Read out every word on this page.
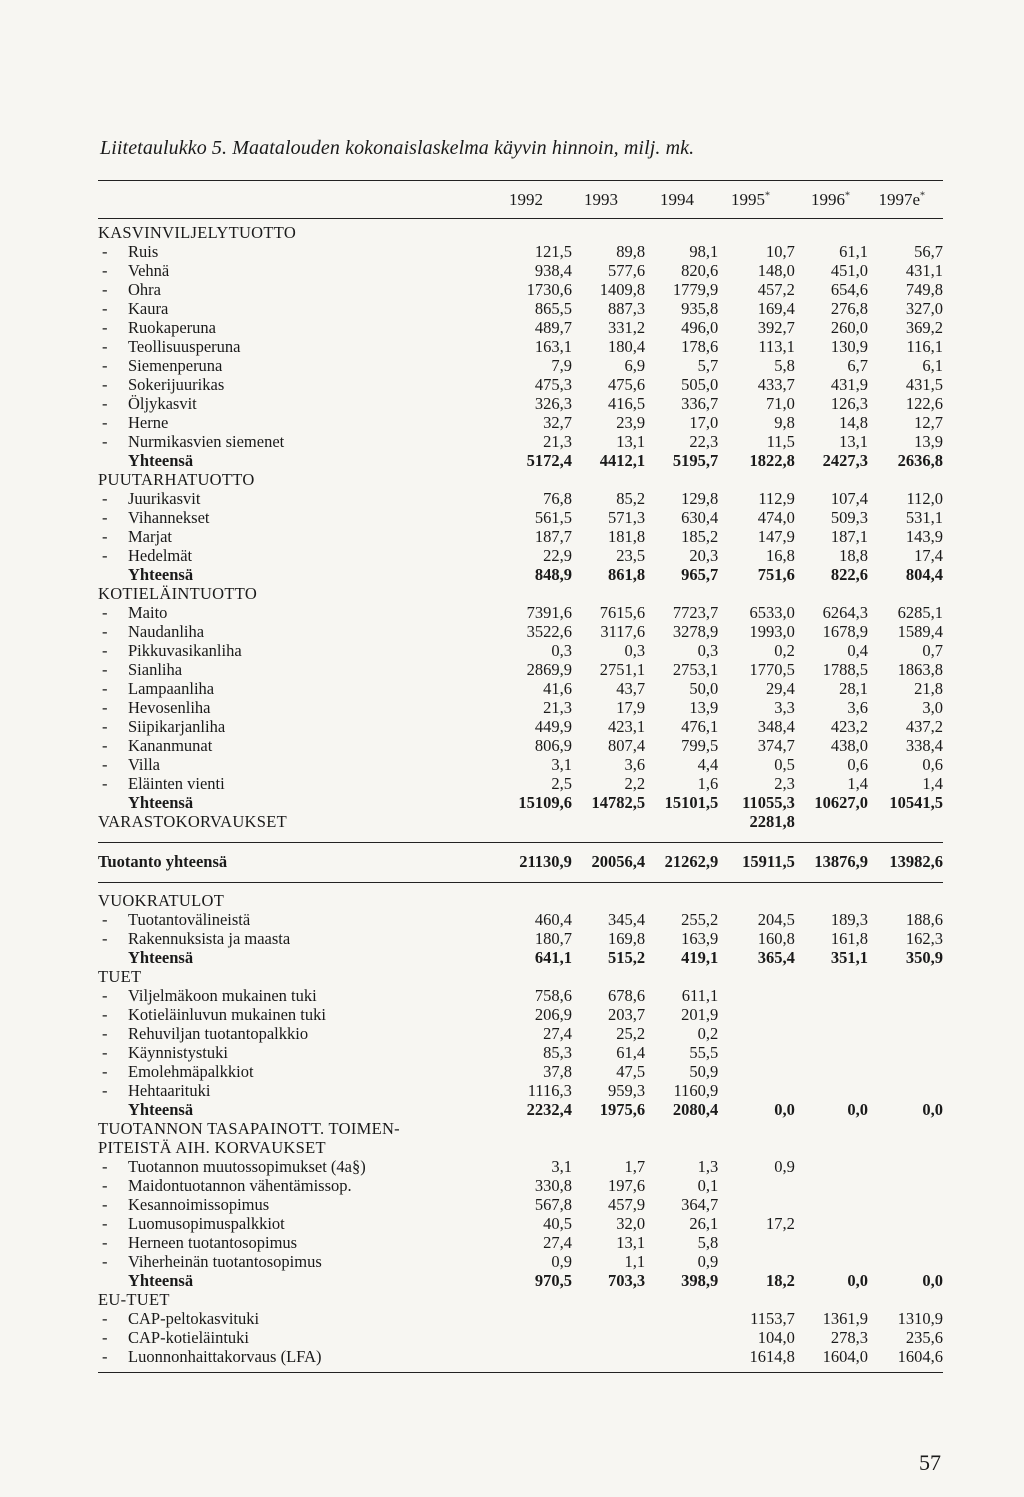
Liitetaulukko 5. Maatalouden kokonaislaskelma käyvin hinnoin, milj. mk.
1992	1993	1994	1995*	1996*	1997e*
KASVINVILJELYTUOTTO						
- Ruis	121,5	89,8	98,1	10,7	61,1	56,7
- Vehnä	938,4	577,6	820,6	148,0	451,0	431,1
- Ohra	1730,6	1409,8	1779,9	457,2	654,6	749,8
- Kaura	865,5	887,3	935,8	169,4	276,8	327,0
- Ruokaperuna	489,7	331,2	496,0	392,7	260,0	369,2
- Teollisuusperuna	163,1	180,4	178,6	113,1	130,9	116,1
- Siemenperuna	7,9	6,9	5,7	5,8	6,7	6,1
- Sokerijuurikas	475,3	475,6	505,0	433,7	431,9	431,5
- Öljykasvit	326,3	416,5	336,7	71,0	126,3	122,6
- Herne	32,7	23,9	17,0	9,8	14,8	12,7
- Nurmikasvien siemenet	21,3	13,1	22,3	11,5	13,1	13,9
Yhteensä	5172,4	4412,1	5195,7	1822,8	2427,3	2636,8
PUUTARHATUOTTO						
- Juurikasvit	76,8	85,2	129,8	112,9	107,4	112,0
- Vihannekset	561,5	571,3	630,4	474,0	509,3	531,1
- Marjat	187,7	181,8	185,2	147,9	187,1	143,9
- Hedelmät	22,9	23,5	20,3	16,8	18,8	17,4
Yhteensä	848,9	861,8	965,7	751,6	822,6	804,4
KOTIELÄINTUOTTO						
- Maito	7391,6	7615,6	7723,7	6533,0	6264,3	6285,1
- Naudanliha	3522,6	3117,6	3278,9	1993,0	1678,9	1589,4
- Pikkuvasikanliha	0,3	0,3	0,3	0,2	0,4	0,7
- Sianliha	2869,9	2751,1	2753,1	1770,5	1788,5	1863,8
- Lampaanliha	41,6	43,7	50,0	29,4	28,1	21,8
- Hevosenliha	21,3	17,9	13,9	3,3	3,6	3,0
- Siipikarjanliha	449,9	423,1	476,1	348,4	423,2	437,2
- Kananmunat	806,9	807,4	799,5	374,7	438,0	338,4
- Villa	3,1	3,6	4,4	0,5	0,6	0,6
- Eläinten vienti	2,5	2,2	1,6	2,3	1,4	1,4
Yhteensä	15109,6	14782,5	15101,5	11055,3	10627,0	10541,5
VARASTOKORVAUKSET				2281,8		

Tuotanto yhteensä	21130,9	20056,4	21262,9	15911,5	13876,9	13982,6

VUOKRATULOT						
- Tuotantovälineistä	460,4	345,4	255,2	204,5	189,3	188,6
- Rakennuksista ja maasta	180,7	169,8	163,9	160,8	161,8	162,3
Yhteensä	641,1	515,2	419,1	365,4	351,1	350,9
TUET						
- Viljelmäkoon mukainen tuki	758,6	678,6	611,1			
- Kotieläinluvun mukainen tuki	206,9	203,7	201,9			
- Rehuviljan tuotantopalkkio	27,4	25,2	0,2			
- Käynnistystuki	85,3	61,4	55,5			
- Emolehmäpalkkiot	37,8	47,5	50,9			
- Hehtaarituki	1116,3	959,3	1160,9			
Yhteensä	2232,4	1975,6	2080,4	0,0	0,0	0,0
TUOTANNON TASAPAINOTT. TOIMEN-						
PITEISTÄ AIH. KORVAUKSET						
- Tuotannon muutossopimukset (4a§)	3,1	1,7	1,3	0,9		
- Maidontuotannon vähentämissop.	330,8	197,6	0,1			
- Kesannoimissopimus	567,8	457,9	364,7			
- Luomusopimuspalkkiot	40,5	32,0	26,1	17,2		
- Herneen tuotantosopimus	27,4	13,1	5,8			
- Viherheinän tuotantosopimus	0,9	1,1	0,9			
Yhteensä	970,5	703,3	398,9	18,2	0,0	0,0
EU-TUET						
- CAP-peltokasvituki				1153,7	1361,9	1310,9
- CAP-kotieläintuki				104,0	278,3	235,6
- Luonnonhaittakorvaus (LFA)				1614,8	1604,0	1604,6
57
